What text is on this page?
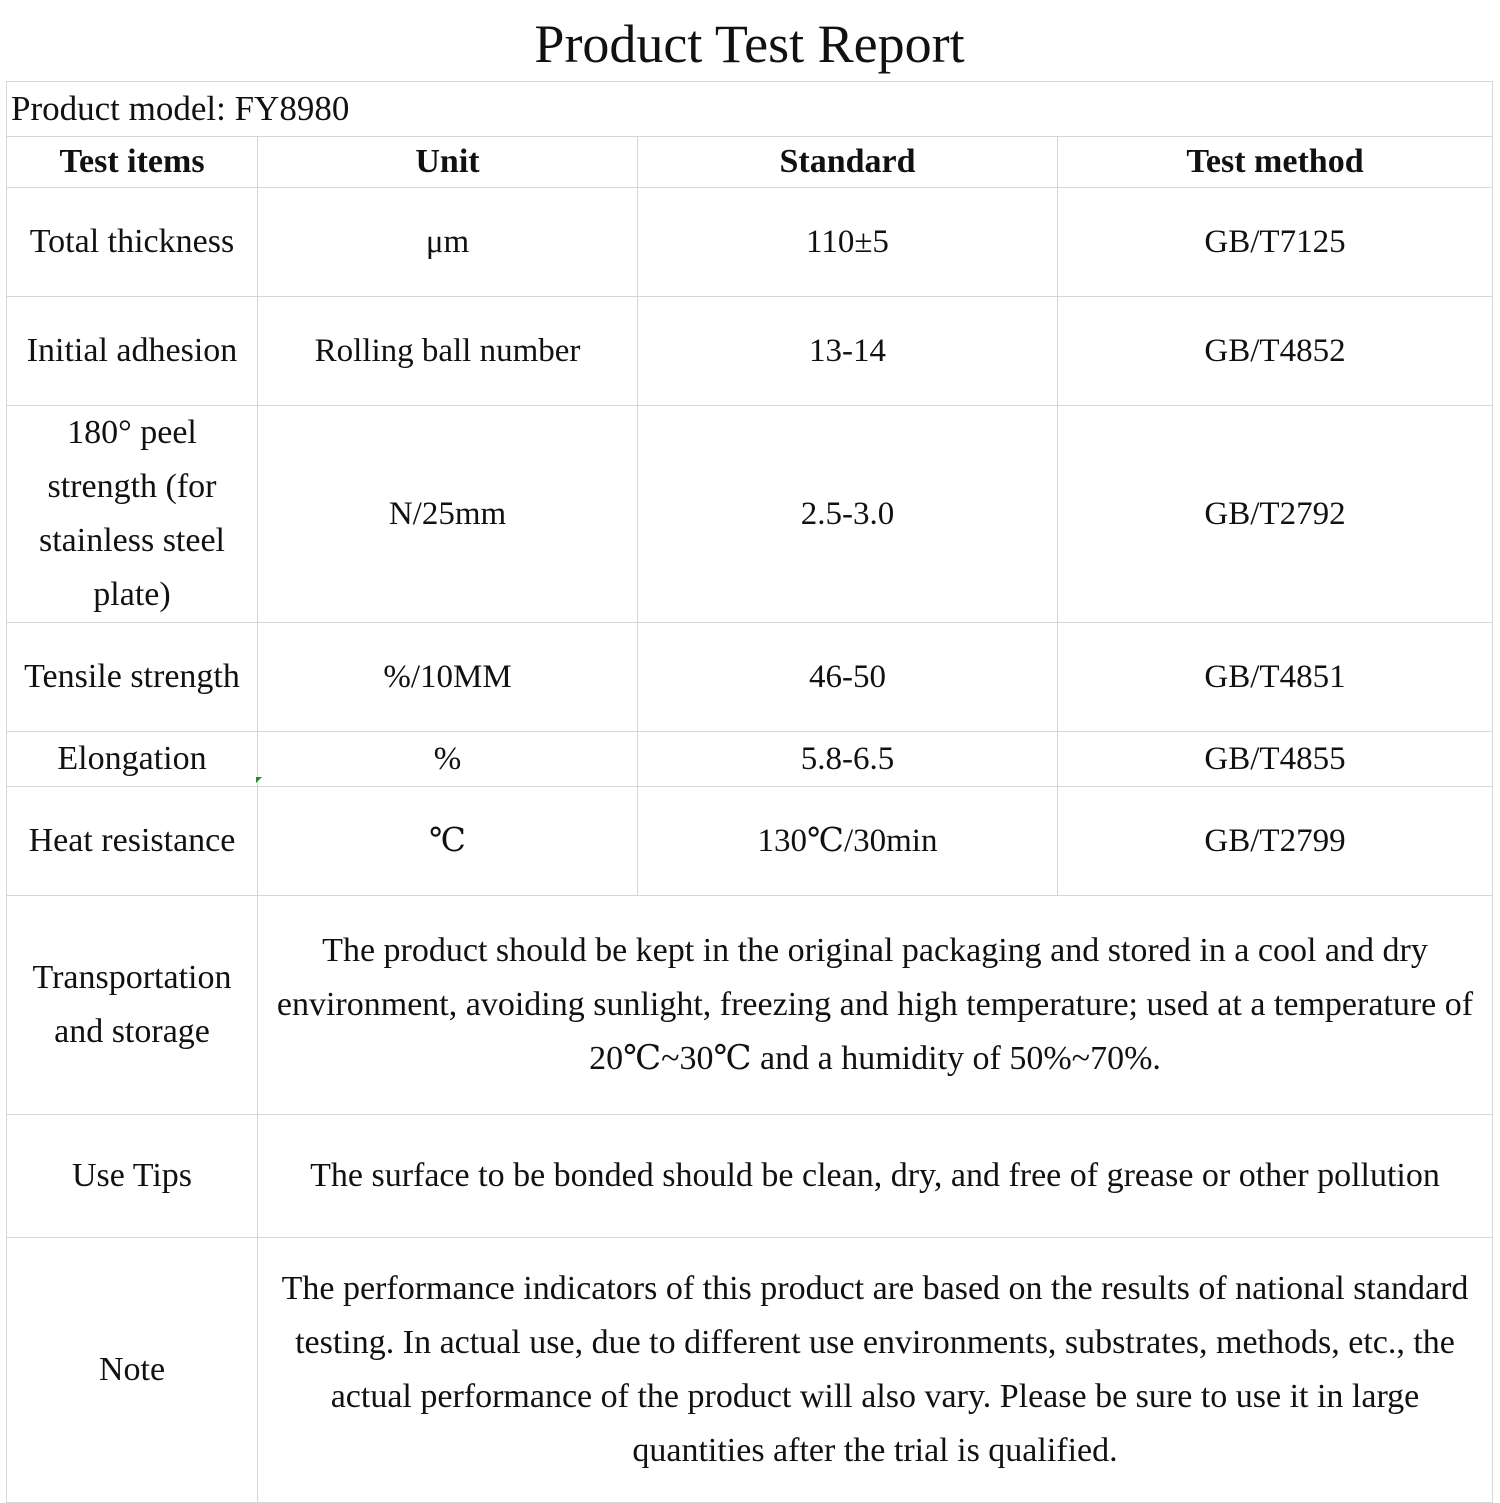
Product Test Report			
Product model: FY8980			
Test items	Unit	Standard	Test method
Total thickness	μm	110±5	GB/T7125
Initial adhesion	Rolling ball number	13-14	GB/T4852
180° peel strength (for stainless steel plate)	N/25mm	2.5-3.0	GB/T2792
Tensile strength	%/10MM	46-50	GB/T4851
Elongation	%	5.8-6.5	GB/T4855
Heat resistance	℃	130℃/30min	GB/T2799
Transportation and storage	The product should be kept in the original packaging and stored in a cool and dry environment, avoiding sunlight, freezing and high temperature; used at a temperature of 20℃~30℃ and a humidity of 50%~70%.		
Use Tips	The surface to be bonded should be clean, dry, and free of grease or other pollution		
Note	The performance indicators of this product are based on the results of national standard testing. In actual use, due to different use environments, substrates, methods, etc., the actual performance of the product will also vary. Please be sure to use it in large quantities after the trial is qualified.		
